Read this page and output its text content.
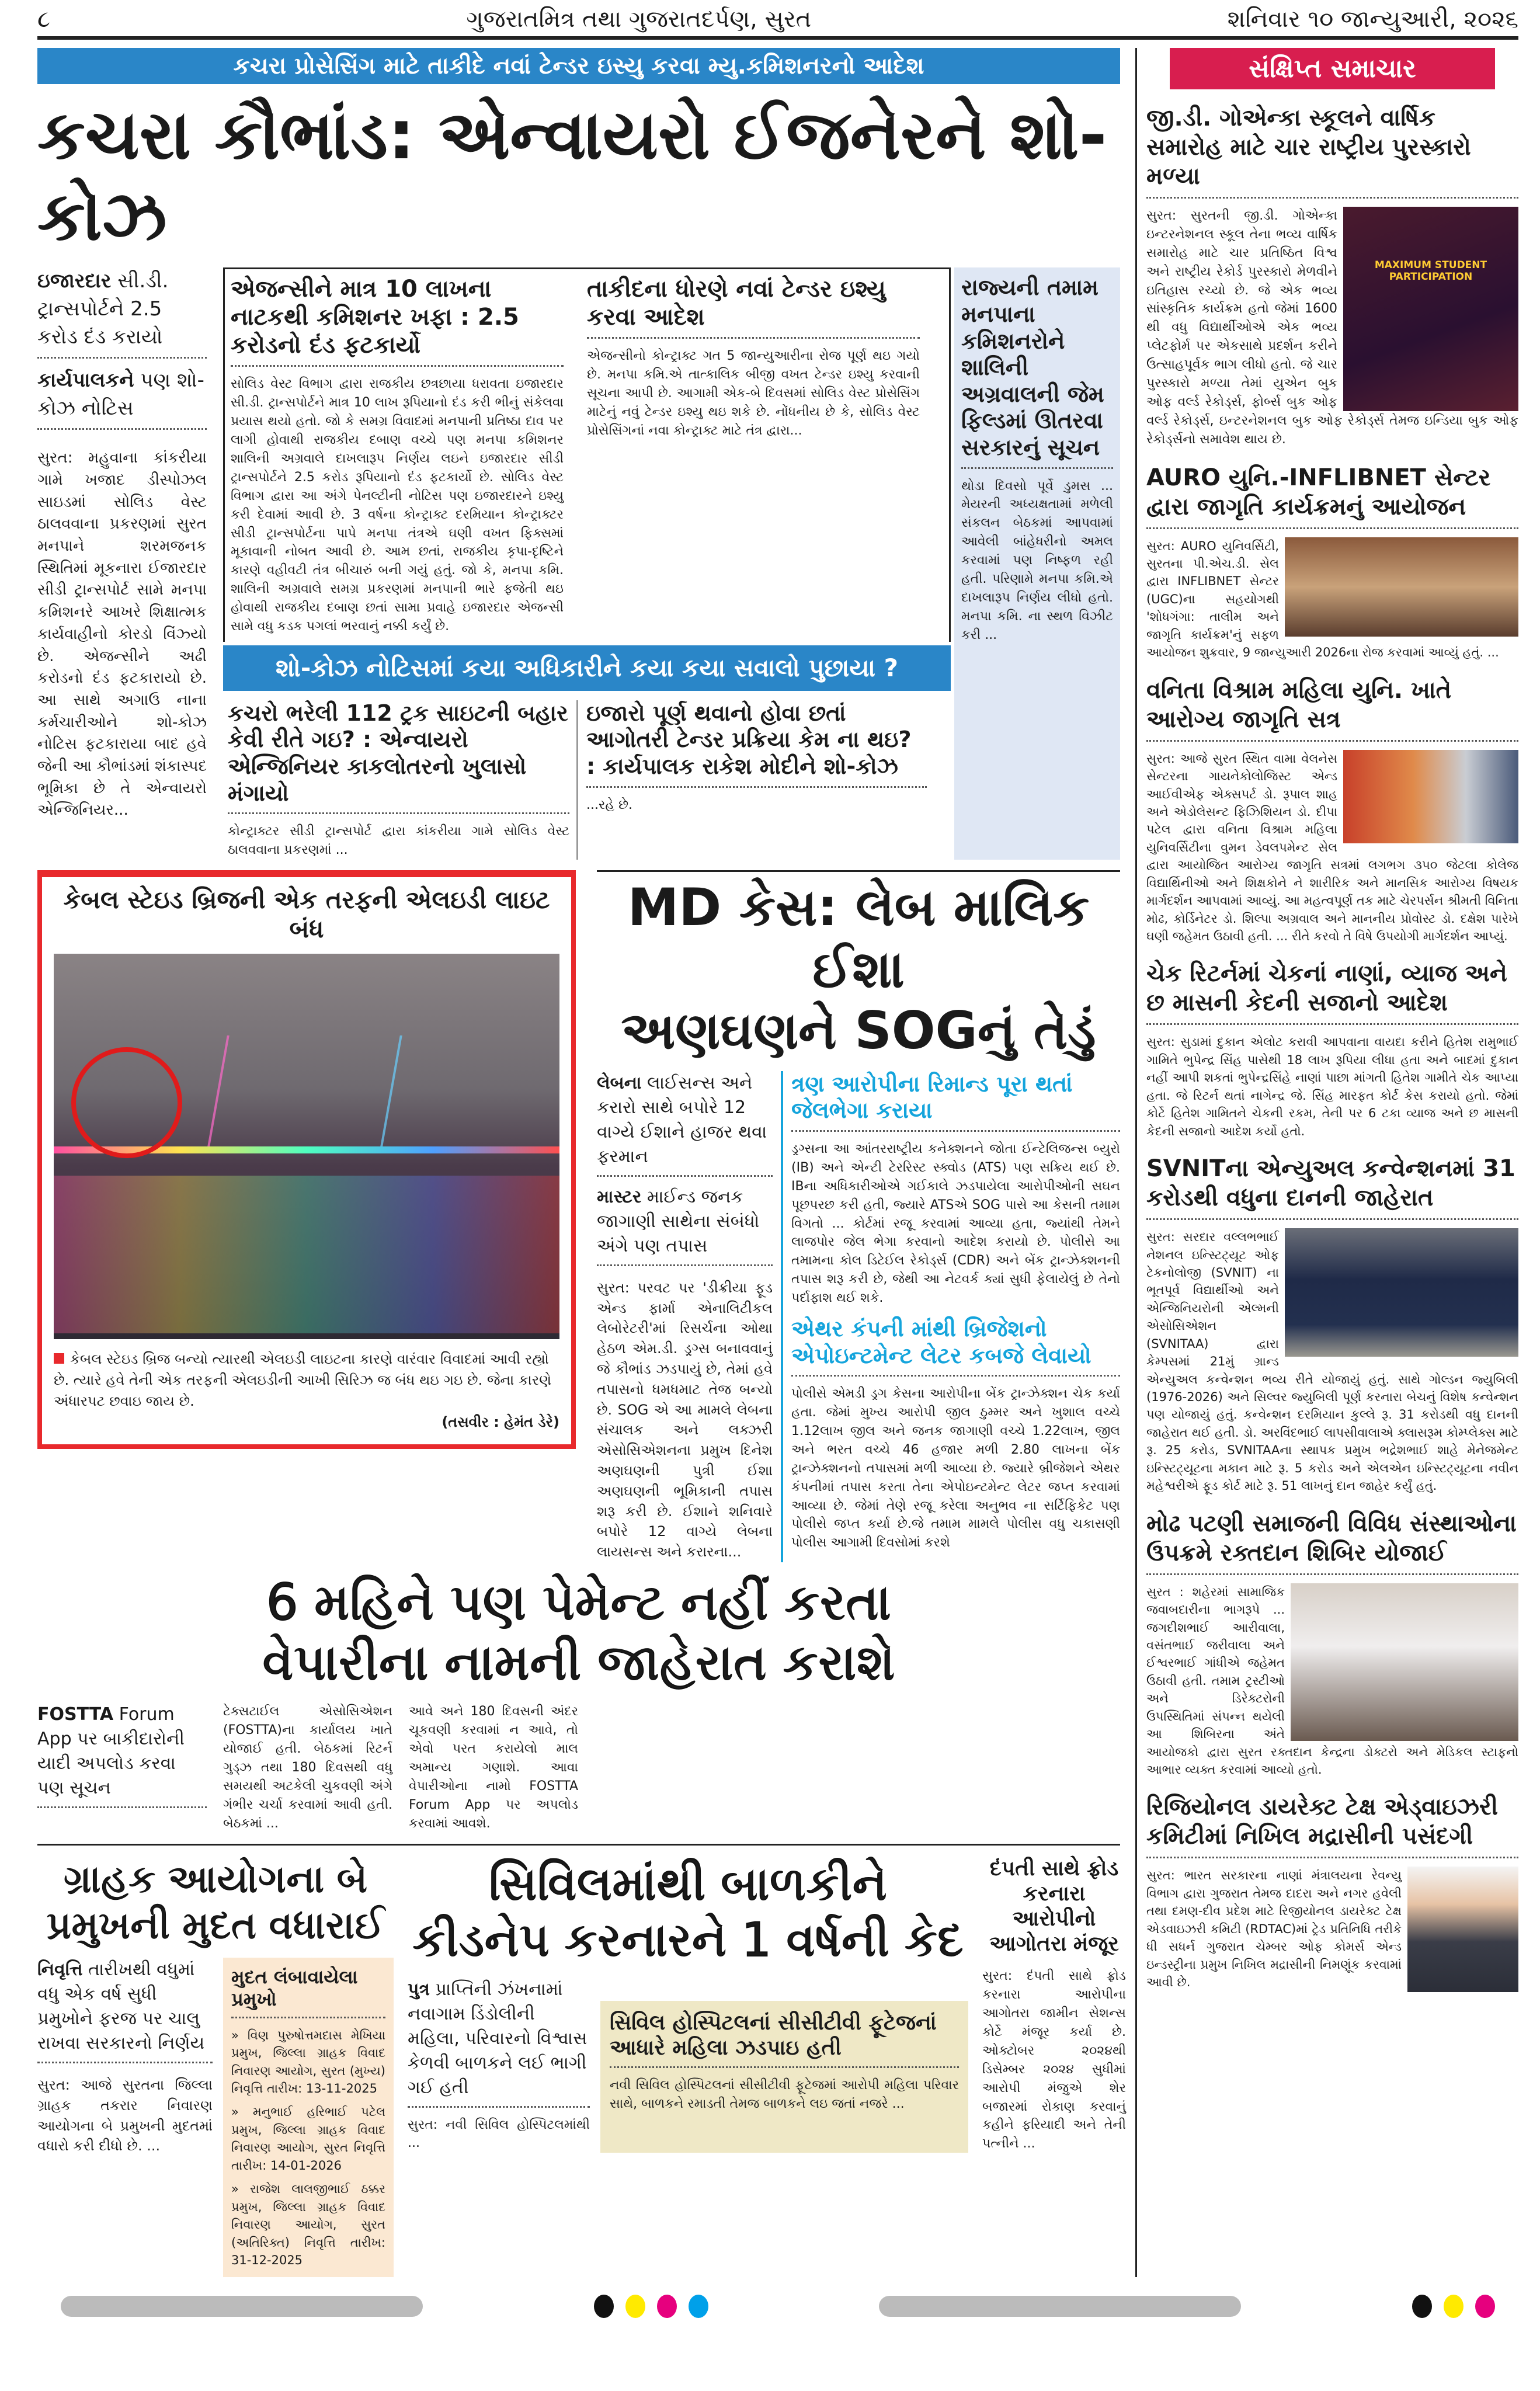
૮	ગુજરાતમિત્ર તથા ગુજરાતદર્પણ, સુરત	શનિવાર ૧૦ જાન્યુઆરી, ૨૦૨૬
કચરા પ્રોસેસિંગ માટે તાકીદે નવાં ટેન્ડર ઇસ્યુ કરવા મ્યુ.કમિશનરનો આદેશ
કચરા કૌભાંડ: એન્વાયરો ઈજનેરને શો-કોઝ
ઇજારદાર સી.ડી. ટ્રાન્સપોર્ટને 2.5 કરોડ દંડ કરાયો
કાર્યપાલકને પણ શો-કોઝ નોટિસ
સુરત: મહુવાના કાંકરીયા ગામે ખજાદ ડીસ્પોઝલ સાઇડમાં સોલિડ વેસ્ટ ઠાલવવાના પ્રકરણમાં સુરત મનપાને શરમજનક સ્થિતિમાં મૂકનારા ઈજારદાર સીડી ટ્રાન્સપોર્ટ સામે મનપા કમિશનરે આખરે શિક્ષાત્મક કાર્યવાહીનો કોરડો વિંઝ્યો છે. એજન્સીને અઢી કરોડનો દંડ ફટકારાયો છે. આ સાથે અગાઉ નાના કર્મચારીઓને શો-કોઝ નોટિસ ફટકારાયા બાદ હવે જેની આ કૌભાંડમાં શંકાસ્પદ ભૂમિકા છે તે એન્વાયરો એન્જિનિયર...
એજન્સીને માત્ર 10 લાખના નાટકથી કમિશનર ખફા : 2.5 કરોડનો દંડ ફટકાર્યો
સોલિડ વેસ્ટ વિભાગ દ્વારા રાજકીય છત્રછાયા ધરાવતા ઇજારદાર સી.ડી. ટ્રાન્સપોર્ટને માત્ર 10 લાખ રૂપિયાનો દંડ કરી ભીનું સંકેલવા પ્રયાસ થયો હતો. જો કે સમગ્ર વિવાદમાં મનપાની પ્રતિષ્ઠા દાવ પર લાગી હોવાથી રાજકીય દબાણ વચ્ચે પણ મનપા કમિશનર શાલિની અગ્રવાલે દાખલારૂપ નિર્ણય લઇને ઇજારદાર સીડી ટ્રાન્સપોર્ટને 2.5 કરોડ રૂપિયાનો દંડ ફટકાર્યો છે. સોલિડ વેસ્ટ વિભાગ દ્વારા આ અંગે પેનલ્ટીની નોટિસ પણ ઇજારદારને ઇશ્યુ કરી દેવામાં આવી છે. 3 વર્ષના કોન્ટ્રાક્ટ દરમિયાન કોન્ટ્રાક્ટર સીડી ટ્રાન્સપોર્ટના પાપે મનપા તંત્રએ ઘણી વખત ફિક્સમાં મૂકાવાની નોબત આવી છે. આમ છતાં, રાજકીય કૃપા-દૃષ્ટિને કારણે વહીવટી તંત્ર બીચારું બની ગયું હતું. જો કે, મનપા કમિ. શાલિની અગ્રવાલે સમગ્ર પ્રકરણમાં મનપાની ભારે ફજેતી થઇ હોવાથી રાજકીય દબાણ છતાં સામા પ્રવાહે ઇજારદાર એજન્સી સામે વધુ કડક પગલાં ભરવાનું નક્કી કર્યું છે.
તાકીદના ધોરણે નવાં ટેન્ડર ઇશ્યુ કરવા આદેશ
એજન્સીનો કોન્ટ્રાક્ટ ગત 5 જાન્યુઆરીના રોજ પૂર્ણ થઇ ગયો છે. મનપા કમિ.એ તાત્કાલિક બીજી વખત ટેન્ડર ઇશ્યુ કરવાની સૂચના આપી છે. આગામી એક-બે દિવસમાં સોલિડ વેસ્ટ પ્રોસેસિંગ માટેનું નવું ટેન્ડર ઇશ્યુ થઇ શકે છે. નોંધનીય છે કે, સોલિડ વેસ્ટ પ્રોસેસિંગનાં નવા કોન્ટ્રાક્ટ માટે તંત્ર દ્વારા...
શો-કોઝ નોટિસમાં કયા અધિકારીને કયા કયા સવાલો પુછાયા ?
કચરો ભરેલી 112 ટ્રક સાઇટની બહાર કેવી રીતે ગઇ? : એન્વાયરો એન્જિનિયર કાકલોતરનો ખુલાસો મંગાયો
કોન્ટ્રાક્ટર સીડી ટ્રાન્સપોર્ટ દ્વારા કાંકરીયા ગામે સોલિડ વેસ્ટ ઠાલવવાના પ્રકરણમાં ...
ઇજારો પૂર્ણ થવાનો હોવા છતાં આગોતરી ટેન્ડર પ્રક્રિયા કેમ ના થઇ? : કાર્યપાલક રાકેશ મોદીને શો-કોઝ
...રહે છે.
રાજ્યની તમામ મનપાના કમિશનરોને શાલિની અગ્રવાલની જેમ ફિલ્ડમાં ઊતરવા સરકારનું સૂચન
થોડા દિવસો પૂર્વે ડુમસ ... મેયરની અધ્યક્ષતામાં મળેલી સંકલન બેઠકમાં આપવામાં આવેલી બાંહેધરીનો અમલ કરવામાં પણ નિષ્ફળ રહી હતી. પરિણામે મનપા કમિ.એ દાખલારૂપ નિર્ણય લીધો હતો. મનપા કમિ. ના સ્થળ વિઝીટ કરી ...
કેબલ સ્ટેઇડ બ્રિજની એક તરફની એલઇડી લાઇટ બંધ
કેબલ સ્ટેઇડ બ્રિજ બન્યો ત્યારથી એલઇડી લાઇટના કારણે વારંવાર વિવાદમાં આવી રહ્યો છે. ત્યારે હવે તેની એક તરફની એલઇડીની આખી સિરિઝ જ બંધ થઇ ગઇ છે. જેના કારણે અંધારપટ છવાઇ જાય છે.
(તસવીર : હેમંત ડેરે)
MD કેસ: લેબ માલિક ઈશા
અણઘણને SOGનું તેડું
લેબના લાઈસન્સ અને કરારો સાથે બપોરે 12 વાગ્યે ઈશાને હાજર થવા ફરમાન
માસ્ટર માઈન્ડ જનક જાગાણી સાથેના સંબંધો અંગે પણ તપાસ
સુરત: પરવટ પર 'ડીક્રીયા ફૂડ એન્ડ ફાર્મા એનાલિટીકલ લેબોરેટરી'માં રિસર્ચના ઓથા હેઠળ એમ.ડી. ડ્રગ્સ બનાવવાનું જે કૌભાંડ ઝડપાયું છે, તેમાં હવે તપાસનો ધમધમાટ તેજ બન્યો છે. SOG એ આ મામલે લેબના સંચાલક અને લક્ઝરી એસોસિએશનના પ્રમુખ દિનેશ અણઘણની પુત્રી ઈશા અણઘણની ભૂમિકાની તપાસ શરૂ કરી છે. ઈશાને શનિવારે બપોરે 12 વાગ્યે લેબના લાયસન્સ અને કરારના...
ત્રણ આરોપીના રિમાન્ડ પૂરા થતાં જેલભેગા કરાયા
ડ્રગ્સના આ આંતરરાષ્ટ્રીય કનેક્શનને જોતા ઈન્ટેલિજન્સ બ્યુરો (IB) અને એન્ટી ટેરરિસ્ટ સ્ક્વોડ (ATS) પણ સક્રિય થઈ છે. IBના અધિકારીઓએ ગઈકાલે ઝડપાયેલા આરોપીઓની સઘન પૂછપરછ કરી હતી, જ્યારે ATSએ SOG પાસે આ કેસની તમામ વિગતો ... કોર્ટમાં રજૂ કરવામાં આવ્યા હતા, જ્યાંથી તેમને લાજપોર જેલ ભેગા કરવાનો આદેશ કરાયો છે. પોલીસે આ તમામના કોલ ડિટેઈલ રેકોર્ડ્સ (CDR) અને બેંક ટ્રાન્ઝેક્શનની તપાસ શરૂ કરી છે, જેથી આ નેટવર્ક ક્યાં સુધી ફેલાયેલું છે તેનો પર્દાફાશ થઈ શકે.
એથર કંપની માંથી બ્રિજેશનો એપોઇન્ટમેન્ટ લેટર કબજે લેવાયો
પોલીસે એમડી ડ્રગ કેસના આરોપીના બેંક ટ્રાન્ઝેક્શન ચેક કર્યા હતા. જેમાં મુખ્ય આરોપી જીલ ઠુમ્મર અને ખુશાલ વચ્ચે 1.12લાખ જીલ અને જનક જાગાણી વચ્ચે 1.22લાખ, જીલ અને ભરત વચ્ચે 46 હજાર મળી 2.80 લાખના બેંક ટ્રાન્ઝેક્શનનો તપાસમાં મળી આવ્યા છે. જ્યારે બ્રીજેશને એથર કંપનીમાં તપાસ કરતા તેના એપોઇન્ટમેન્ટ લેટર જપ્ત કરવામાં આવ્યા છે. જેમાં તેણે રજૂ કરેલા અનુભવ ના સર્ટિફિકેટ પણ પોલીસે જપ્ત કર્યા છે.જે તમામ મામલે પોલીસ વધુ ચકાસણી પોલીસ આગામી દિવસોમાં કરશે
6 મહિને પણ પેમેન્ટ નહીં કરતા
વેપારીના નામની જાહેરાત કરાશે
FOSTTA Forum App પર બાકીદારોની યાદી અપલોડ કરવા પણ સૂચન
ટેક્સટાઈલ એસોસિએશન (FOSTTA)ના કાર્યાલય ખાતે યોજાઈ હતી. બેઠકમાં રિટર્ન ગુડ્ઝ તથા 180 દિવસથી વધુ સમયથી અટકેલી ચુકવણી અંગે ગંભીર ચર્ચા કરવામાં આવી હતી. બેઠકમાં ...
આવે અને 180 દિવસની અંદર ચૂકવણી કરવામાં ન આવે, તો એવો પરત કરાયેલો માલ અમાન્ય ગણાશે. આવા વેપારીઓના નામો FOSTTA Forum App પર અપલોડ કરવામાં આવશે.
ગ્રાહક આયોગના બે પ્રમુખની મુદત વધારાઈ
નિવૃત્તિ તારીખથી વધુમાં વધુ એક વર્ષ સુધી પ્રમુખોને ફરજ પર ચાલુ રાખવા સરકારનો નિર્ણય
સુરત: આજે સુરતના જિલ્લા ગ્રાહક તકરાર નિવારણ આયોગના બે પ્રમુખની મુદતમાં વધારો કરી દીધો છે. ...
મુદત લંબાવાયેલા પ્રમુખો
» વિણ પુરુષોત્તમદાસ મેખિયા પ્રમુખ, જિલ્લા ગ્રાહક વિવાદ નિવારણ આયોગ, સુરત (મુખ્ય) નિવૃત્તિ તારીખ: 13-11-2025
» મનુભાઈ હરિભાઈ પટેલ પ્રમુખ, જિલ્લા ગ્રાહક વિવાદ નિવારણ આયોગ, સુરત નિવૃત્તિ તારીખ: 14-01-2026
» રાજેશ લાલજીભાઈ ઠક્કર પ્રમુખ, જિલ્લા ગ્રાહક વિવાદ નિવારણ આયોગ, સુરત (અતિરિક્ત) નિવૃત્તિ તારીખ: 31-12-2025
સિવિલમાંથી બાળકીને
કીડનેપ કરનારને 1 વર્ષની કેદ
પુત્ર પ્રાપ્તિની ઝંખનામાં નવાગામ ડિંડોલીની મહિલા, પરિવારનો વિશ્વાસ કેળવી બાળકને લઈ ભાગી ગઈ હતી
સુરત: નવી સિવિલ હોસ્પિટલમાંથી ...
સિવિલ હોસ્પિટલનાં સીસીટીવી ફૂટેજનાં આધારે મહિલા ઝડપાઇ હતી
નવી સિવિલ હોસ્પિટલનાં સીસીટીવી ફૂટેજમાં આરોપી મહિલા પરિવાર સાથે, બાળકને રમાડતી તેમજ બાળકને લઇ જતાં નજરે ...
દંપતી સાથે ફ્રોડ કરનારા આરોપીનો આગોતરા મંજૂર
સુરત: દંપતી સાથે ફ્રોડ કરનારા આરોપીના આગોતરા જામીન સેશન્સ કોર્ટે મંજૂર કર્યા છે. ઓક્ટોબર ૨૦૨૪થી ડિસેમ્બર ૨૦૨૪ સુધીમાં આરોપી મંજુએ શેર બજારમાં રોકાણ કરવાનું કહીને ફરિયાદી અને તેની પત્નીને ...
સંક્ષિપ્ત સમાચાર
જી.ડી. ગોએન્કા સ્કૂલને વાર્ષિક સમારોહ માટે ચાર રાષ્ટ્રીય પુરસ્કારો મળ્યા
MAXIMUM STUDENT PARTICIPATION
સુરત: સુરતની જી.ડી. ગોએન્કા ઇન્ટરનેશનલ સ્કૂલ તેના ભવ્ય વાર્ષિક સમારોહ માટે ચાર પ્રતિષ્ઠિત વિશ્વ અને રાષ્ટ્રીય રેકોર્ડ પુરસ્કારો મેળવીને ઇતિહાસ રચ્યો છે. જે એક ભવ્ય સાંસ્કૃતિક કાર્યક્રમ હતો જેમાં 1600 થી વધુ વિદ્યાર્થીઓએ એક ભવ્ય પ્લેટફોર્મ પર એકસાથે પ્રદર્શન કરીને ઉત્સાહપૂર્વક ભાગ લીધો હતો. જે ચાર પુરસ્કારો મળ્યા તેમાં યુએન બુક ઓફ વર્લ્ડ રેકોર્ડ્સ, ફોર્બ્સ બુક ઓફ વર્લ્ડ રેકોર્ડ્સ, ઇન્ટરનેશનલ બુક ઓફ રેકોર્ડ્સ તેમજ ઇન્ડિયા બુક ઓફ રેકોર્ડ્સનો સમાવેશ થાય છે.
AURO યુનિ.-INFLIBNET સેન્ટર દ્વારા જાગૃતિ કાર્યક્રમનું આયોજન
સુરત: AURO યુનિવર્સિટી, સુરતના પી.એચ.ડી. સેલ દ્વારા INFLIBNET સેન્ટર (UGC)ના સહયોગથી 'શોધગંગા: તાલીમ અને જાગૃતિ કાર્યક્રમ'નું સફળ આયોજન શુક્રવાર, 9 જાન્યુઆરી 2026ના રોજ કરવામાં આવ્યું હતું. ...
વનિતા વિશ્રામ મહિલા યુનિ. ખાતે આરોગ્ય જાગૃતિ સત્ર
સુરત: આજે સુરત સ્થિત વામા વેલનેસ સેન્ટરના ગાયનેકોલોજિસ્ટ એન્ડ આઈવીએફ એક્સપર્ટ ડો. રૂપાલ શાહ અને એડોલેસન્ટ ફિઝિશિયન ડો. દીપા પટેલ દ્વારા વનિતા વિશ્રામ મહિલા યુનિવર્સિટીના વુમન ડેવલપમેન્ટ સેલ દ્વારા આયોજિત આરોગ્ય જાગૃતિ સત્રમાં લગભગ ૩૫૦ જેટલા કોલેજ વિદ્યાર્થિનીઓ અને શિક્ષકોને ને શારીરિક અને માનસિક આરોગ્ય વિષયક માર્ગદર્શન આપવામાં આવ્યું. આ મહત્વપૂર્ણ તક માટે ચેરપર્સન શ્રીમતી વિનિતા મોઢ, કોર્ડિનેટર ડો. શિલ્પા અગ્રવાલ અને માનનીય પ્રોવોસ્ટ ડો. દક્ષેશ પારેખે ઘણી જહેમત ઉઠાવી હતી. ... રીતે કરવો તે વિષે ઉપયોગી માર્ગદર્શન આપ્યું.
ચેક રિટર્નમાં ચેકનાં નાણાં, વ્યાજ અને છ માસની કેદની સજાનો આદેશ
સુરત: સુડામાં દુકાન એલોટ કરાવી આપવાના વાયદા કરીને હિતેશ રામુભાઈ ગામિતે ભુપેન્દ્ર સિંહ પાસેથી 18 લાખ રૂપિયા લીધા હતા અને બાદમાં દુકાન નહીં આપી શકતાં ભુપેન્દ્રસિંહે નાણાં પાછા માંગતી હિતેશ ગામીતે ચેક આપ્યા હતા. જે રિટર્ન થતાં નાગેન્દ્ર જે. સિંહ મારફત કોર્ટ કેસ કરાયો હતો. જેમાં કોર્ટે હિતેશ ગામિતને ચેકની રકમ, તેની પર 6 ટકા વ્યાજ અને છ માસની કેદની સજાનો આદેશ કર્યો હતો.
SVNITના એન્યુઅલ કન્વેન્શનમાં 31 કરોડથી વધુના દાનની જાહેરાત
સુરત: સરદાર વલ્લભભાઈ નેશનલ ઇન્સ્ટિટ્યૂટ ઓફ ટેકનોલોજી (SVNIT) ના ભૂતપૂર્વ વિદ્યાર્થીઓ અને એન્જિનિયરોની એલ્મની એસોસિએશન (SVNITAA) દ્વારા કેમ્પસમાં 21મું ગ્રાન્ડ એન્યુઅલ કન્વેન્શન ભવ્ય રીતે યોજાયું હતું. સાથે ગોલ્ડન જ્યુબિલી (1976-2026) અને સિલ્વર જ્યુબિલી પૂર્ણ કરનારા બેચનું વિશેષ કન્વેન્શન પણ યોજાયું હતું. કન્વેન્શન દરમિયાન કુલ્લે રૂ. 31 કરોડથી વધુ દાનની જાહેરાત થઈ હતી. ડો. અરવિંદભાઈ લાપસીવાલાએ ક્લાસરૂમ કોમ્પ્લેક્સ માટે રૂ. 25 કરોડ, SVNITAAના સ્થાપક પ્રમુખ ભદ્રેશભાઈ શાહે મેનેજમેન્ટ ઇન્સ્ટિટ્યૂટના મકાન માટે રૂ. 5 કરોડ અને એલએન ઇન્સ્ટિટ્યૂટના નવીન મહેશ્વરીએ ફૂડ કોર્ટ માટે રૂ. 51 લાખનું દાન જાહેર કર્યું હતું.
મોઢ પટણી સમાજની વિવિધ સંસ્થાઓના ઉપક્રમે રક્તદાન શિબિર યોજાઈ
સુરત : શહેરમાં સામાજિક જવાબદારીના ભાગરૂપે ... જગદીશભાઈ આરીવાલા, વસંતભાઈ જરીવાલા અને ઈશ્વરભાઈ ગાંધીએ જહેમત ઉઠાવી હતી. તમામ ટ્રસ્ટીઓ અને ડિરેક્ટરોની ઉપસ્થિતિમાં સંપન્ન થયેલી આ શિબિરના અંતે આયોજકો દ્વારા સુરત રક્તદાન કેન્દ્રના ડોક્ટરો અને મેડિકલ સ્ટાફનો આભાર વ્યક્ત કરવામાં આવ્યો હતો.
રિજિયોનલ ડાયરેક્ટ ટેક્ષ એડ્વાઇઝરી કમિટીમાં નિખિલ મદ્રાસીની પસંદગી
સુરત: ભારત સરકારના નાણાં મંત્રાલયના રેવન્યુ વિભાગ દ્વારા ગુજરાત તેમજ દાદરા અને નગર હવેલી તથા દમણ-દીવ પ્રદેશ માટે રિજીયોનલ ડાયરેક્ટ ટેક્ષ એડવાઇઝરી કમિટી (RDTAC)માં ટ્રેડ પ્રતિનિધિ તરીકે ધી સધર્ન ગુજરાત ચેમ્બર ઓફ કોમર્સ એન્ડ ઇન્ડસ્ટ્રીના પ્રમુખ નિખિલ મદ્રાસીની નિમણૂંક કરવામાં આવી છે.
